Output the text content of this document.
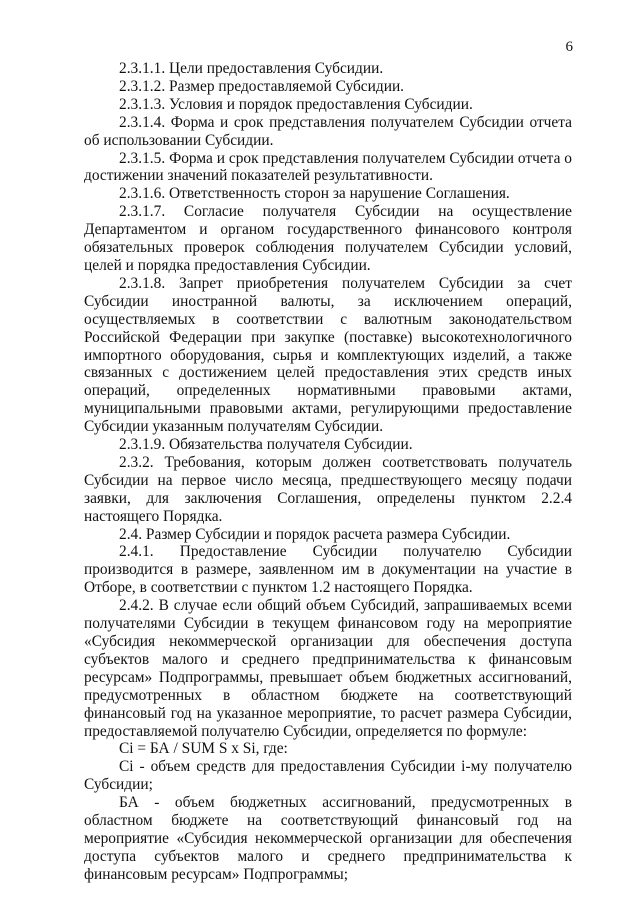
6

2.3.1.1. Цели предоставления Субсидии.

2.3.1.2. Размер предоставляемой Субсидии.

2.3.1.3. Условия и порядок предоставления Субсидии.

2.3.1.4. Форма и срок представления получателем Субсидии отчета об использовании Субсидии.

2.3.1.5. Форма и срок представления получателем Субсидии отчета о достижении значений показателей результативности.

2.3.1.6. Ответственность сторон за нарушение Соглашения.

2.3.1.7. Согласие получателя Субсидии на осуществление Департаментом и органом государственного финансового контроля обязательных проверок соблюдения получателем Субсидии условий, целей и порядка предоставления Субсидии.

2.3.1.8. Запрет приобретения получателем Субсидии за счет Субсидии иностранной валюты, за исключением операций, осуществляемых в соответствии с валютным законодательством Российской Федерации при закупке (поставке) высокотехнологичного импортного оборудования, сырья и комплектующих изделий, а также связанных с достижением целей предоставления этих средств иных операций, определенных нормативными правовыми актами, муниципальными правовыми актами, регулирующими предоставление Субсидии указанным получателям Субсидии.

2.3.1.9. Обязательства получателя Субсидии.

2.3.2. Требования, которым должен соответствовать получатель Субсидии на первое число месяца, предшествующего месяцу подачи заявки, для заключения Соглашения, определены пунктом 2.2.4 настоящего Порядка.

2.4. Размер Субсидии и порядок расчета размера Субсидии.

2.4.1. Предоставление Субсидии получателю Субсидии производится в размере, заявленном им в документации на участие в Отборе, в соответствии с пунктом 1.2 настоящего Порядка.

2.4.2. В случае если общий объем Субсидий, запрашиваемых всеми получателями Субсидии в текущем финансовом году на мероприятие «Субсидия некоммерческой организации для обеспечения доступа субъектов малого и среднего предпринимательства к финансовым ресурсам» Подпрограммы, превышает объем бюджетных ассигнований, предусмотренных в областном бюджете на соответствующий финансовый год на указанное мероприятие, то расчет размера Субсидии, предоставляемой получателю Субсидии, определяется по формуле:

Ci = БА / SUM S x Si, где:

Ci - объем средств для предоставления Субсидии i-му получателю Субсидии;

БА - объем бюджетных ассигнований, предусмотренных в областном бюджете на соответствующий финансовый год на мероприятие «Субсидия некоммерческой организации для обеспечения доступа субъектов малого и среднего предпринимательства к финансовым ресурсам» Подпрограммы;
